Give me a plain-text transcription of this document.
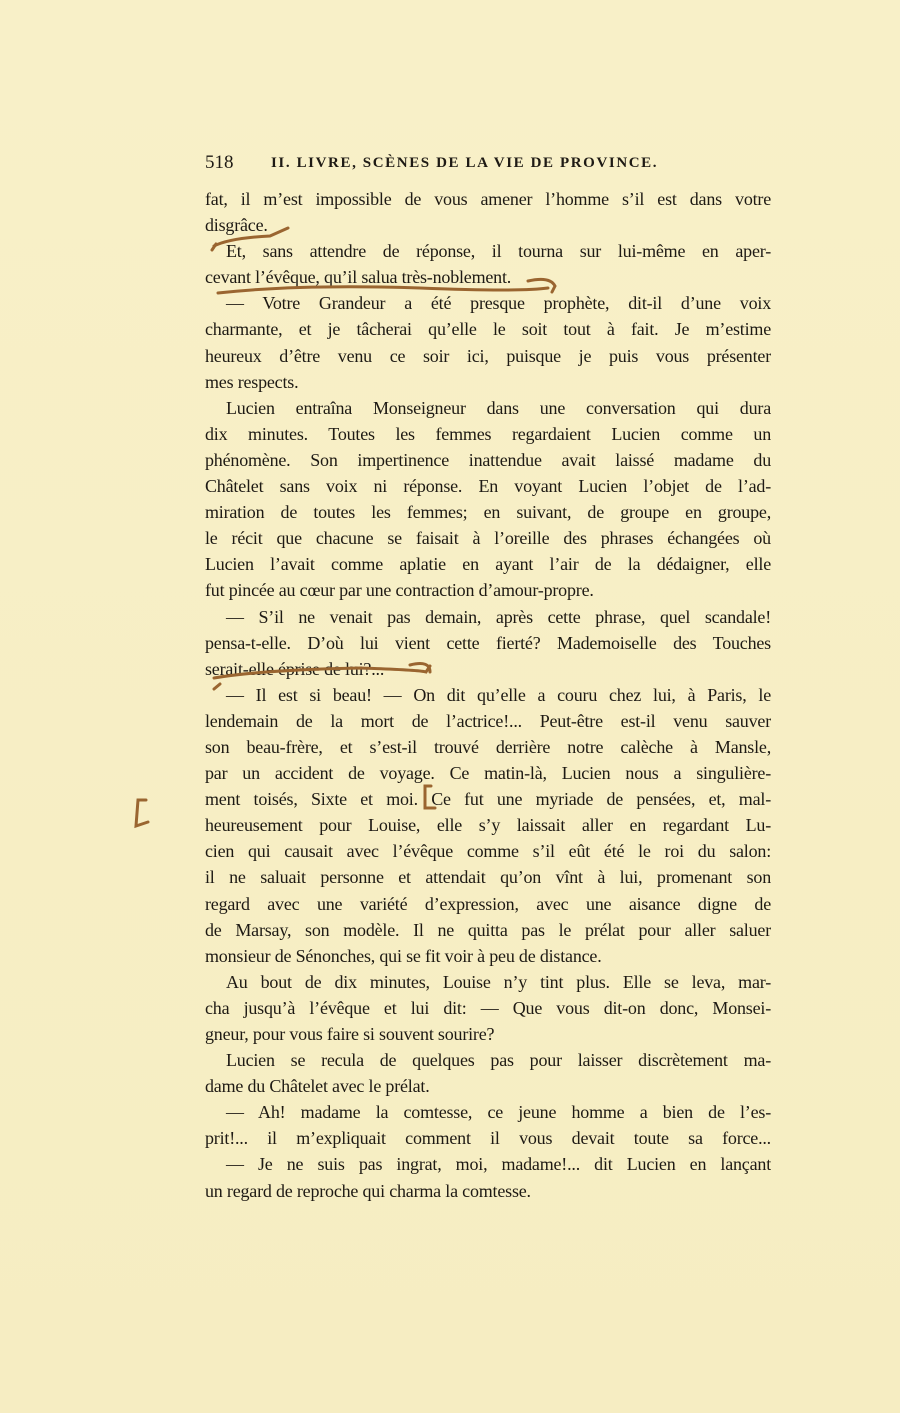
518	II. LIVRE, SCÈNES DE LA VIE DE PROVINCE.
fat, il m’est impossible de vous amener l’homme s’il est dans votre
disgrâce.
Et, sans attendre de réponse, il tourna sur lui-même en aper-
cevant l’évêque, qu’il salua très-noblement.
— Votre Grandeur a été presque prophète, dit-il d’une voix
charmante, et je tâcherai qu’elle le soit tout à fait. Je m’estime
heureux d’être venu ce soir ici, puisque je puis vous présenter
mes respects.
Lucien entraîna Monseigneur dans une conversation qui dura
dix minutes. Toutes les femmes regardaient Lucien comme un
phénomène. Son impertinence inattendue avait laissé madame du
Châtelet sans voix ni réponse. En voyant Lucien l’objet de l’ad-
miration de toutes les femmes; en suivant, de groupe en groupe,
le récit que chacune se faisait à l’oreille des phrases échangées où
Lucien l’avait comme aplatie en ayant l’air de la dédaigner, elle
fut pincée au cœur par une contraction d’amour-propre.
— S’il ne venait pas demain, après cette phrase, quel scandale!
pensa-t-elle. D’où lui vient cette fierté? Mademoiselle des Touches
serait-elle éprise de lui?...
— Il est si beau! — On dit qu’elle a couru chez lui, à Paris, le
lendemain de la mort de l’actrice!... Peut-être est-il venu sauver
son beau-frère, et s’est-il trouvé derrière notre calèche à Mansle,
par un accident de voyage. Ce matin-là, Lucien nous a singulière-
ment toisés, Sixte et moi. Ce fut une myriade de pensées, et, mal-
heureusement pour Louise, elle s’y laissait aller en regardant Lu-
cien qui causait avec l’évêque comme s’il eût été le roi du salon:
il ne saluait personne et attendait qu’on vînt à lui, promenant son
regard avec une variété d’expression, avec une aisance digne de
de Marsay, son modèle. Il ne quitta pas le prélat pour aller saluer
monsieur de Sénonches, qui se fit voir à peu de distance.
Au bout de dix minutes, Louise n’y tint plus. Elle se leva, mar-
cha jusqu’à l’évêque et lui dit: — Que vous dit-on donc, Monsei-
gneur, pour vous faire si souvent sourire?
Lucien se recula de quelques pas pour laisser discrètement ma-
dame du Châtelet avec le prélat.
— Ah! madame la comtesse, ce jeune homme a bien de l’es-
prit!... il m’expliquait comment il vous devait toute sa force...
— Je ne suis pas ingrat, moi, madame!... dit Lucien en lançant
un regard de reproche qui charma la comtesse.
